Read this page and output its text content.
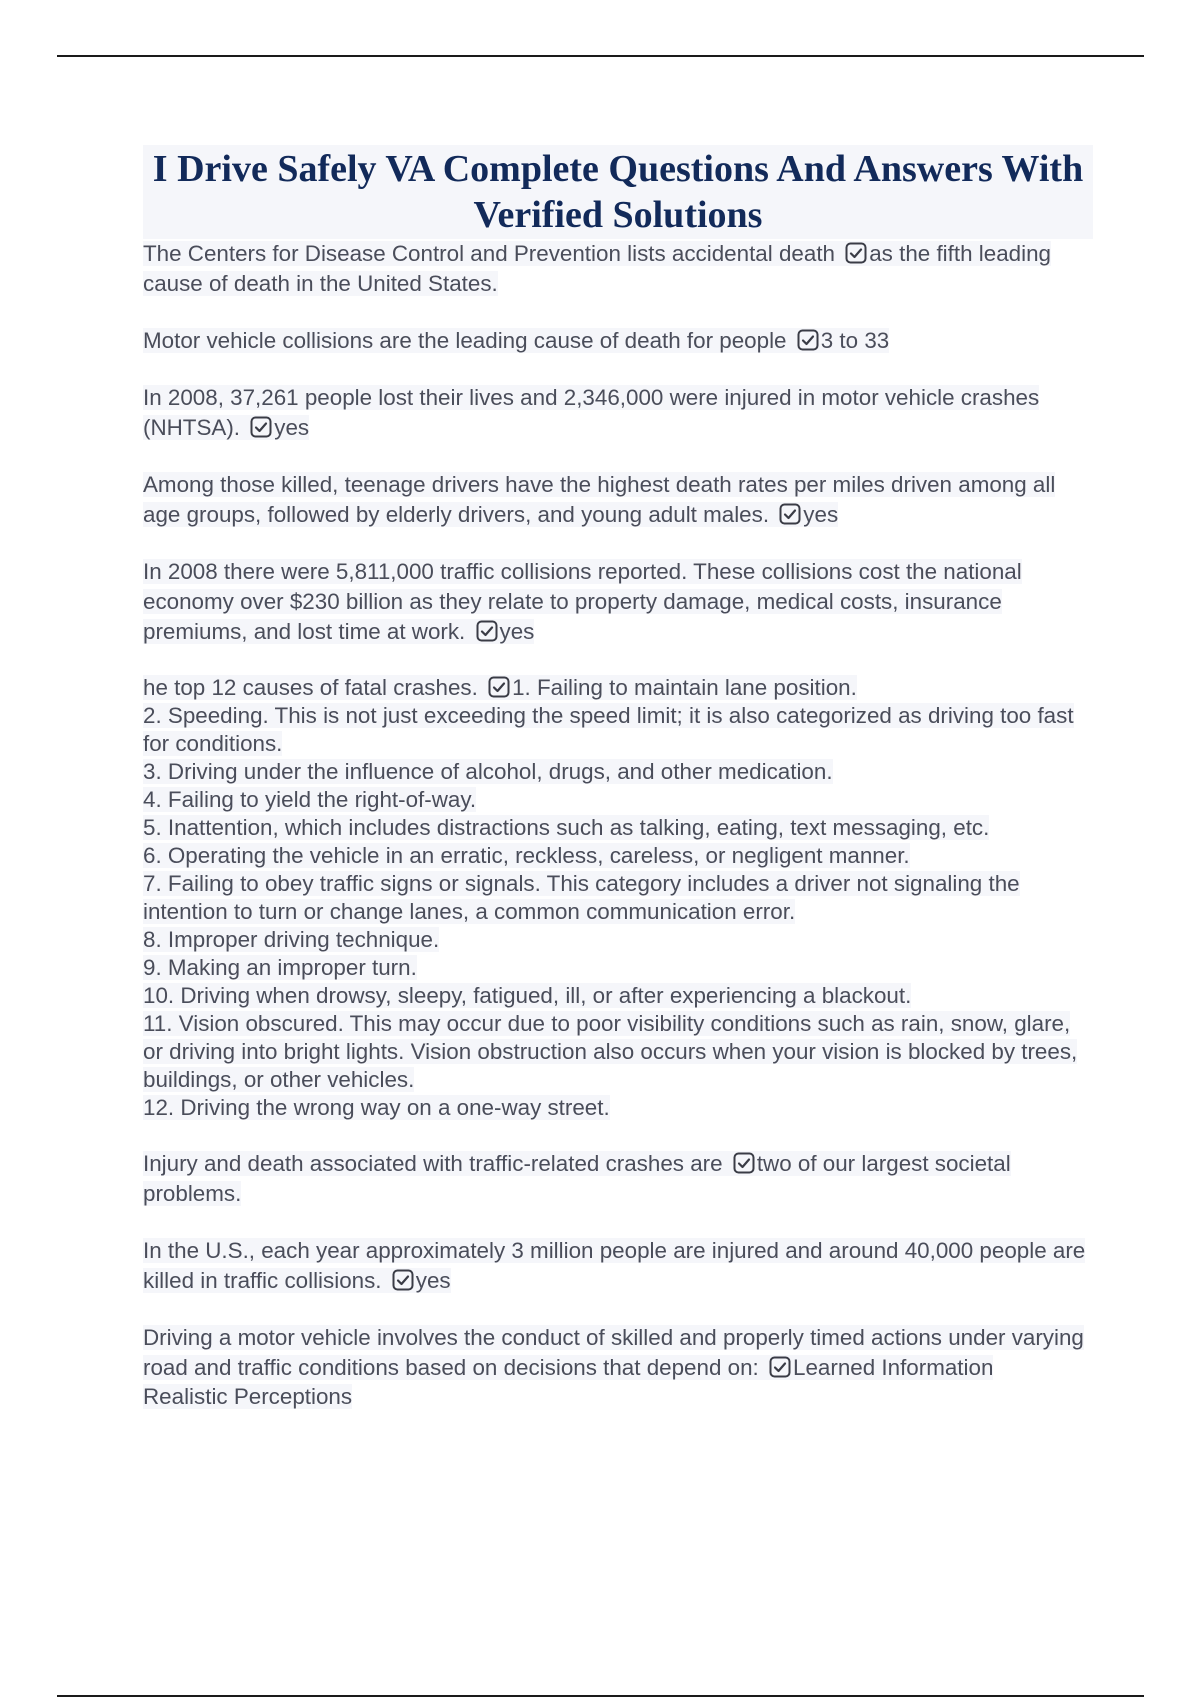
I Drive Safely VA Complete Questions And Answers With Verified Solutions
The Centers for Disease Control and Prevention lists accidental death as the fifth leading cause of death in the United States.
Motor vehicle collisions are the leading cause of death for people 3 to 33
In 2008, 37,261 people lost their lives and 2,346,000 were injured in motor vehicle crashes (NHTSA). yes
Among those killed, teenage drivers have the highest death rates per miles driven among all age groups, followed by elderly drivers, and young adult males. yes
In 2008 there were 5,811,000 traffic collisions reported. These collisions cost the national economy over $230 billion as they relate to property damage, medical costs, insurance premiums, and lost time at work. yes
he top 12 causes of fatal crashes. 1. Failing to maintain lane position.
2. Speeding. This is not just exceeding the speed limit; it is also categorized as driving too fast for conditions.
3. Driving under the influence of alcohol, drugs, and other medication.
4. Failing to yield the right-of-way.
5. Inattention, which includes distractions such as talking, eating, text messaging, etc.
6. Operating the vehicle in an erratic, reckless, careless, or negligent manner.
7. Failing to obey traffic signs or signals. This category includes a driver not signaling the intention to turn or change lanes, a common communication error.
8. Improper driving technique.
9. Making an improper turn.
10. Driving when drowsy, sleepy, fatigued, ill, or after experiencing a blackout.
11. Vision obscured. This may occur due to poor visibility conditions such as rain, snow, glare, or driving into bright lights. Vision obstruction also occurs when your vision is blocked by trees, buildings, or other vehicles.
12. Driving the wrong way on a one-way street.
Injury and death associated with traffic-related crashes are two of our largest societal problems.
In the U.S., each year approximately 3 million people are injured and around 40,000 people are killed in traffic collisions. yes
Driving a motor vehicle involves the conduct of skilled and properly timed actions under varying road and traffic conditions based on decisions that depend on: Learned Information
Realistic Perceptions
